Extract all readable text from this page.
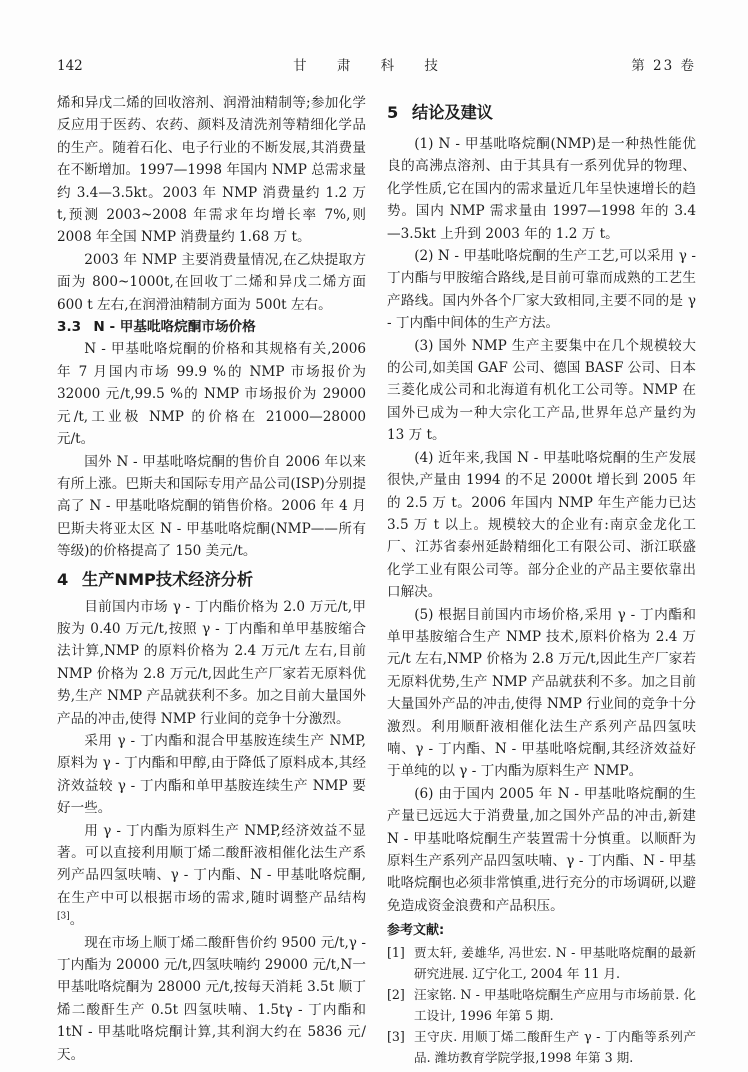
142	甘 肃 科 技	第 23 卷

烯和异戊二烯的回收溶剂、润滑油精制等;参加化学反应用于医药、农药、颜料及清洗剂等精细化学品的生产。随着石化、电子行业的不断发展,其消费量在不断增加。1997—1998 年国内 NMP 总需求量约 3.4—3.5kt。2003 年 NMP 消费量约 1.2 万 t,预测 2003~2008 年需求年均增长率 7%,则 2008 年全国 NMP 消费量约 1.68 万 t。

2003 年 NMP 主要消费量情况,在乙炔提取方面为 800~1000t,在回收丁二烯和异戊二烯方面 600 t 左右,在润滑油精制方面为 500t 左右。

3.3 N - 甲基吡咯烷酮市场价格

N - 甲基吡咯烷酮的价格和其规格有关,2006 年 7 月国内市场 99.9 %的 NMP 市场报价为 32000 元/t,99.5 %的 NMP 市场报价为 29000 元/t,工业极 NMP 的价格在 21000—28000 元/t。

国外 N - 甲基吡咯烷酮的售价自 2006 年以来有所上涨。巴斯夫和国际专用产品公司(ISP)分别提高了 N - 甲基吡咯烷酮的销售价格。2006 年 4 月巴斯夫将亚太区 N - 甲基吡咯烷酮(NMP——所有等级)的价格提高了 150 美元/t。

4 生产NMP技术经济分析

目前国内市场 γ - 丁内酯价格为 2.0 万元/t,甲胺为 0.40 万元/t,按照 γ - 丁内酯和单甲基胺缩合法计算,NMP 的原料价格为 2.4 万元/t 左右,目前 NMP 价格为 2.8 万元/t,因此生产厂家若无原料优势,生产 NMP 产品就获利不多。加之目前大量国外产品的冲击,使得 NMP 行业间的竞争十分激烈。

采用 γ - 丁内酯和混合甲基胺连续生产 NMP,原料为 γ - 丁内酯和甲醇,由于降低了原料成本,其经济效益较 γ - 丁内酯和单甲基胺连续生产 NMP 要好一些。

用 γ - 丁内酯为原料生产 NMP,经济效益不显著。可以直接利用顺丁烯二酸酐液相催化法生产系列产品四氢呋喃、γ - 丁内酯、N - 甲基吡咯烷酮,在生产中可以根据市场的需求,随时调整产品结构[3]。

现在市场上顺丁烯二酸酐售价约 9500 元/t,γ - 丁内酯为 20000 元/t,四氢呋喃约 29000 元/t,N一甲基吡咯烷酮为 28000 元/t,按每天消耗 3.5t 顺丁烯二酸酐生产 0.5t 四氢呋喃、1.5tγ - 丁内酯和 1tN - 甲基吡咯烷酮计算,其利润大约在 5836 元/天。

5 结论及建议

(1) N - 甲基吡咯烷酮(NMP)是一种热性能优良的高沸点溶剂、由于其具有一系列优异的物理、化学性质,它在国内的需求量近几年呈快速增长的趋势。国内 NMP 需求量由 1997—1998 年的 3.4—3.5kt 上升到 2003 年的 1.2 万 t。

(2) N - 甲基吡咯烷酮的生产工艺,可以采用 γ - 丁内酯与甲胺缩合路线,是目前可靠而成熟的工艺生产路线。国内外各个厂家大致相同,主要不同的是 γ - 丁内酯中间体的生产方法。

(3) 国外 NMP 生产主要集中在几个规模较大的公司,如美国 GAF 公司、德国 BASF 公司、日本三菱化成公司和北海道有机化工公司等。NMP 在国外已成为一种大宗化工产品,世界年总产量约为 13 万 t。

(4) 近年来,我国 N - 甲基吡咯烷酮的生产发展很快,产量由 1994 的不足 2000t 增长到 2005 年的 2.5 万 t。2006 年国内 NMP 年生产能力已达 3.5 万 t 以上。规模较大的企业有:南京金龙化工厂、江苏省泰州延龄精细化工有限公司、浙江联盛化学工业有限公司等。部分企业的产品主要依靠出口解决。

(5) 根据目前国内市场价格,采用 γ - 丁内酯和单甲基胺缩合生产 NMP 技术,原料价格为 2.4 万元/t 左右,NMP 价格为 2.8 万元/t,因此生产厂家若无原料优势,生产 NMP 产品就获利不多。加之目前大量国外产品的冲击,使得 NMP 行业间的竞争十分激烈。利用顺酐液相催化法生产系列产品四氢呋喃、γ - 丁内酯、N - 甲基吡咯烷酮,其经济效益好于单纯的以 γ - 丁内酯为原料生产 NMP。

(6) 由于国内 2005 年 N - 甲基吡咯烷酮的生产量已远远大于消费量,加之国外产品的冲击,新建 N - 甲基吡咯烷酮生产装置需十分慎重。以顺酐为原料生产系列产品四氢呋喃、γ - 丁内酯、N - 甲基吡咯烷酮也必须非常慎重,进行充分的市场调研,以避免造成资金浪费和产品积压。

参考文献:
[1] 贾太轩, 姜雄华, 冯世宏. N - 甲基吡咯烷酮的最新研究进展. 辽宁化工, 2004 年 11 月.
[2] 汪家铭. N - 甲基吡咯烷酮生产应用与市场前景. 化工设计, 1996 年第 5 期.
[3] 王守庆. 用顺丁烯二酸酐生产 γ - 丁内酯等系列产品. 潍坊教育学院学报,1998 年第 3 期.
